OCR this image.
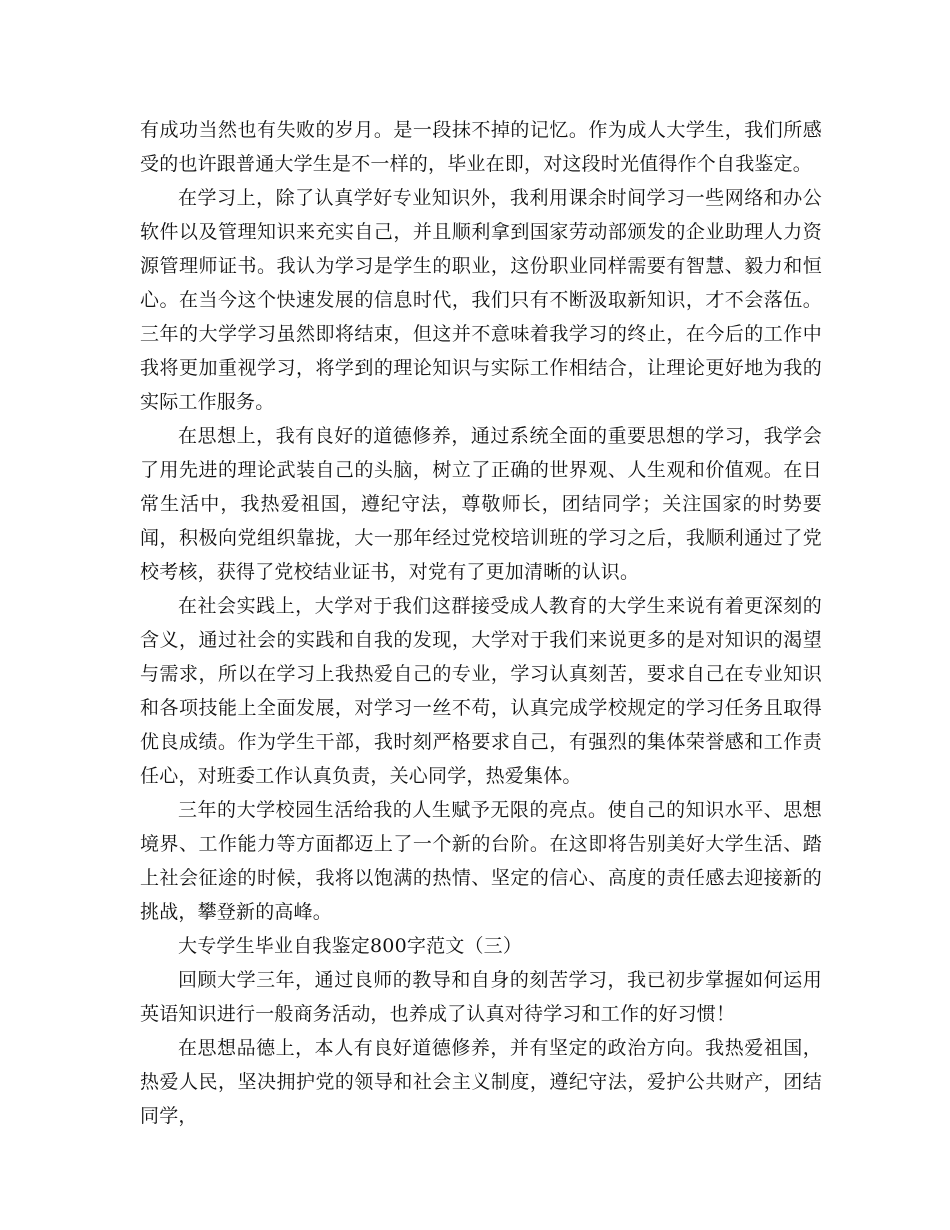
有成功当然也有失败的岁月。是一段抹不掉的记忆。作为成人大学生，我们所感受的也许跟普通大学生是不一样的，毕业在即，对这段时光值得作个自我鉴定。

在学习上，除了认真学好专业知识外，我利用课余时间学习一些网络和办公软件以及管理知识来充实自己，并且顺利拿到国家劳动部颁发的企业助理人力资源管理师证书。我认为学习是学生的职业，这份职业同样需要有智慧、毅力和恒心。在当今这个快速发展的信息时代，我们只有不断汲取新知识，才不会落伍。三年的大学学习虽然即将结束，但这并不意味着我学习的终止，在今后的工作中我将更加重视学习，将学到的理论知识与实际工作相结合，让理论更好地为我的实际工作服务。

在思想上，我有良好的道德修养，通过系统全面的重要思想的学习，我学会了用先进的理论武装自己的头脑，树立了正确的世界观、人生观和价值观。在日常生活中，我热爱祖国，遵纪守法，尊敬师长，团结同学；关注国家的时势要闻，积极向党组织靠拢，大一那年经过党校培训班的学习之后，我顺利通过了党校考核，获得了党校结业证书，对党有了更加清晰的认识。

在社会实践上，大学对于我们这群接受成人教育的大学生来说有着更深刻的含义，通过社会的实践和自我的发现，大学对于我们来说更多的是对知识的渴望与需求，所以在学习上我热爱自己的专业，学习认真刻苦，要求自己在专业知识和各项技能上全面发展，对学习一丝不苟，认真完成学校规定的学习任务且取得优良成绩。作为学生干部，我时刻严格要求自己，有强烈的集体荣誉感和工作责任心，对班委工作认真负责，关心同学，热爱集体。

三年的大学校园生活给我的人生赋予无限的亮点。使自己的知识水平、思想境界、工作能力等方面都迈上了一个新的台阶。在这即将告别美好大学生活、踏上社会征途的时候，我将以饱满的热情、坚定的信心、高度的责任感去迎接新的挑战，攀登新的高峰。

大专学生毕业自我鉴定800字范文（三）

回顾大学三年，通过良师的教导和自身的刻苦学习，我已初步掌握如何运用英语知识进行一般商务活动，也养成了认真对待学习和工作的好习惯！

在思想品德上，本人有良好道德修养，并有坚定的政治方向。我热爱祖国，热爱人民，坚决拥护党的领导和社会主义制度，遵纪守法，爱护公共财产，团结同学，
